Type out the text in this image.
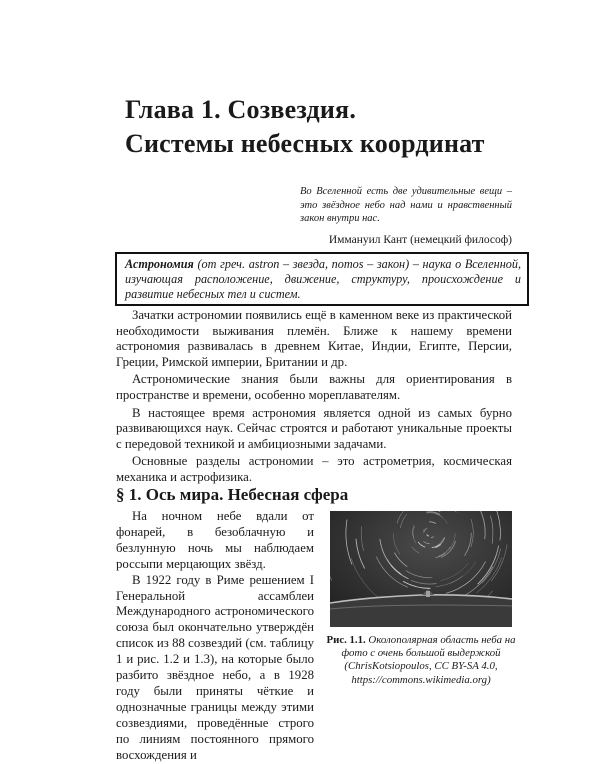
Глава 1. Созвездия.
Системы небесных координат
Во Вселенной есть две удивительные вещи – это звёздное небо над нами и нравственный закон внутри нас.
Иммануил Кант (немецкий философ)
Астрономия (от греч. astron – звезда, nomos – закон) – наука о Вселенной, изучающая расположение, движение, структуру, происхождение и развитие небесных тел и систем.

Зачатки астрономии появились ещё в каменном веке из практической необходимости выживания племён. Ближе к нашему времени астрономия развивалась в древнем Китае, Индии, Египте, Персии, Греции, Римской империи, Британии и др.

Астрономические знания были важны для ориентирования в пространстве и времени, особенно мореплавателям.

В настоящее время астрономия является одной из самых бурно развивающихся наук. Сейчас строятся и работают уникальные проекты с передовой техникой и амбициозными задачами.

Основные разделы астрономии – это астрометрия, космическая механика и астрофизика.

§ 1. Ось мира. Небесная сфера

На ночном небе вдали от фонарей, в безоблачную и безлунную ночь мы наблюдаем россыпи мерцающих звёзд.

В 1922 году в Риме решением I Генеральной ассамблеи Международного астрономического союза был окончательно утверждён список из 88 созвездий (см. таблицу 1 и рис. 1.2 и 1.3), на которые было разбито звёздное небо, а в 1928 году были приняты чёткие и однозначные границы между этими созвездиями, проведённые строго по линиям постоянного прямого восхождения и

Рис. 1.1. Околополярная область неба на фото с очень большой выдержкой (ChrisKotsiopoulos, CC BY-SA 4.0, https://commons.wikimedia.org)
